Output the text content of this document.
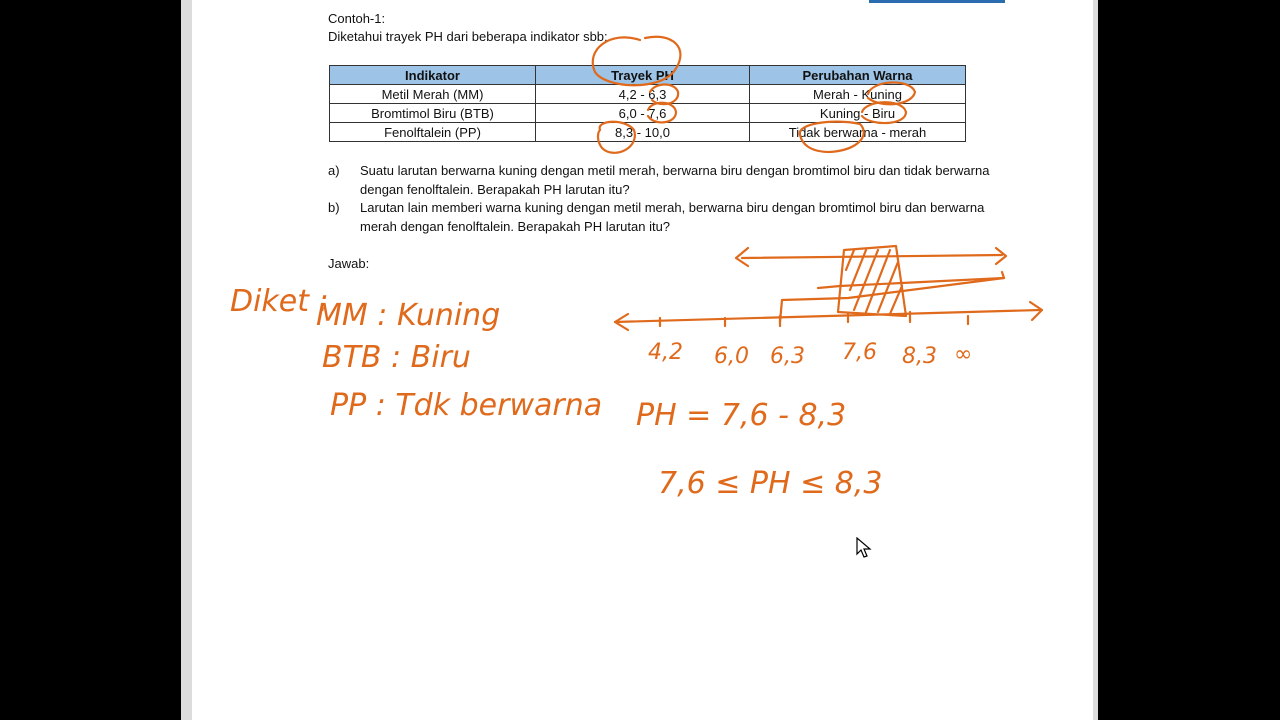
Contoh-1:
Diketahui trayek PH dari beberapa indikator sbb:
Indikator	Trayek PH	Perubahan Warna
Metil Merah (MM)	4,2 - 6,3	Merah - Kuning
Bromtimol Biru (BTB)	6,0 - 7,6	Kuning - Biru
Fenolftalein (PP)	8,3 - 10,0	Tidak berwarna - merah
a)	Suatu larutan berwarna kuning dengan metil merah, berwarna biru dengan bromtimol biru dan tidak berwarna dengan fenolftalein. Berapakah PH larutan itu?
b)	Larutan lain memberi warna kuning dengan metil merah, berwarna biru dengan bromtimol biru dan berwarna merah dengan fenolftalein. Berapakah PH larutan itu?
Jawab:
Diket :
MM : Kuning
BTB : Biru
PP : Tdk berwarna
4,2 6,0 6,3 7,6 8,3 ∞
PH = 7,6 - 8,3
7,6 ≤ PH ≤ 8,3
